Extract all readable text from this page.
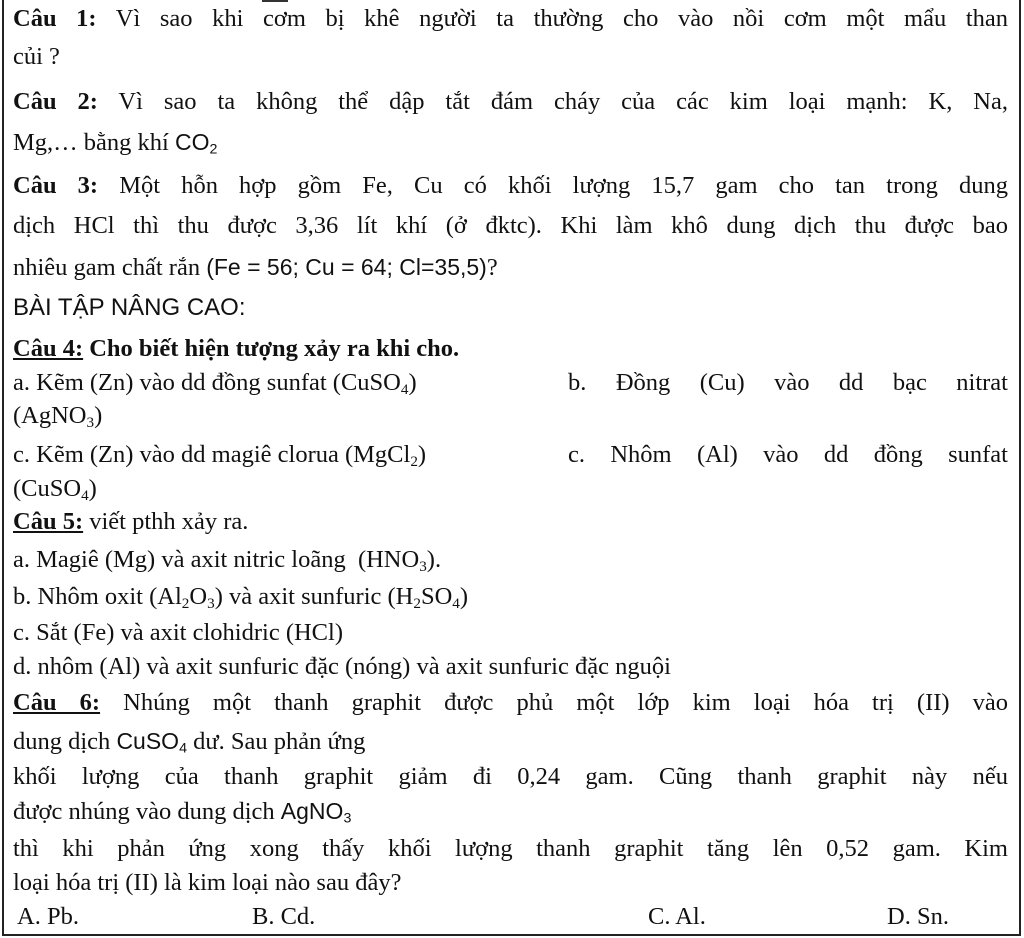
Câu 1: Vì sao khi cơm bị khê người ta thường cho vào nồi cơm một mẩu than
củi ?
Câu 2: Vì sao ta không thể dập tắt đám cháy của các kim loại mạnh: K, Na,
Mg,… bằng khí $CO_2$
Câu 3: Một hỗn hợp gồm Fe, Cu có khối lượng 15,7 gam cho tan trong dung
dịch HCl thì thu được 3,36 lít khí (ở đktc). Khi làm khô dung dịch thu được bao
nhiêu gam chất rắn (Fe = 56; Cu = 64; Cl=35,5)?
BÀI TẬP NÂNG CAO:
Câu 4: Cho biết hiện tượng xảy ra khi cho.
a. Kẽm (Zn) vào dd đồng sunfat (CuSO$_4$)	b. Đồng (Cu) vào dd bạc nitrat
(AgNO$_3$)
c. Kẽm (Zn) vào dd magiê clorua (MgCl$_2$)	c. Nhôm (Al) vào dd đồng sunfat
(CuSO$_4$)
Câu 5: viết pthh xảy ra.
a. Magiê (Mg) và axit nitric loãng $(HNO_3)$.
b. Nhôm oxit $(Al_2O_3)$ và axit sunfuric $(H_2SO_4)$
c. Sắt (Fe) và axit clohidric (HCl)
d. nhôm (Al) và axit sunfuric đặc (nóng) và axit sunfuric đặc nguội
Câu 6: Nhúng một thanh graphit được phủ một lớp kim loại hóa trị (II) vào
dung dịch CuSO$_4$ dư. Sau phản ứng
khối lượng của thanh graphit giảm đi 0,24 gam. Cũng thanh graphit này nếu
được nhúng vào dung dịch AgNO$_3$
thì khi phản ứng xong thấy khối lượng thanh graphit tăng lên 0,52 gam. Kim
loại hóa trị (II) là kim loại nào sau đây?
A. Pb.	B. Cd.	C. Al.	D. Sn.
